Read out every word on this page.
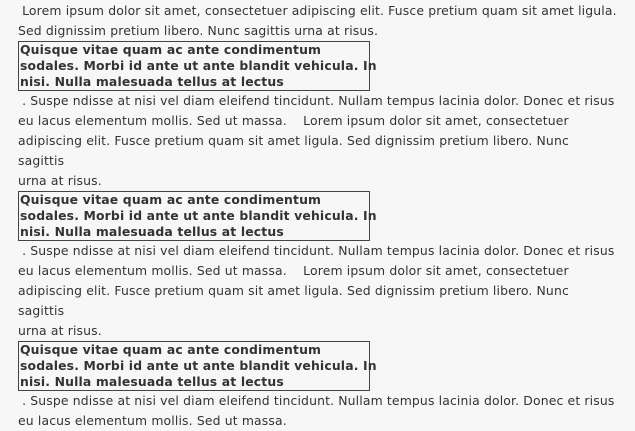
Lorem ipsum dolor sit amet, consectetuer adipiscing elit. Fusce pretium quam sit amet ligula.
Sed dignissim pretium libero. Nunc sagittis urna at risus.

Quisque vitae quam ac ante condimentum
sodales. Morbi id ante ut ante blandit vehicula. In
nisi. Nulla malesuada tellus at lectus

. Suspe ndisse at nisi vel diam eleifend tincidunt. Nullam tempus lacinia dolor. Donec et risus
eu lacus elementum mollis. Sed ut massa.    Lorem ipsum dolor sit amet, consectetuer
adipiscing elit. Fusce pretium quam sit amet ligula. Sed dignissim pretium libero. Nunc sagittis
urna at risus.

Quisque vitae quam ac ante condimentum
sodales. Morbi id ante ut ante blandit vehicula. In
nisi. Nulla malesuada tellus at lectus

. Suspe ndisse at nisi vel diam eleifend tincidunt. Nullam tempus lacinia dolor. Donec et risus
eu lacus elementum mollis. Sed ut massa.    Lorem ipsum dolor sit amet, consectetuer
adipiscing elit. Fusce pretium quam sit amet ligula. Sed dignissim pretium libero. Nunc sagittis
urna at risus.

Quisque vitae quam ac ante condimentum
sodales. Morbi id ante ut ante blandit vehicula. In
nisi. Nulla malesuada tellus at lectus

. Suspe ndisse at nisi vel diam eleifend tincidunt. Nullam tempus lacinia dolor. Donec et risus
eu lacus elementum mollis. Sed ut massa.
